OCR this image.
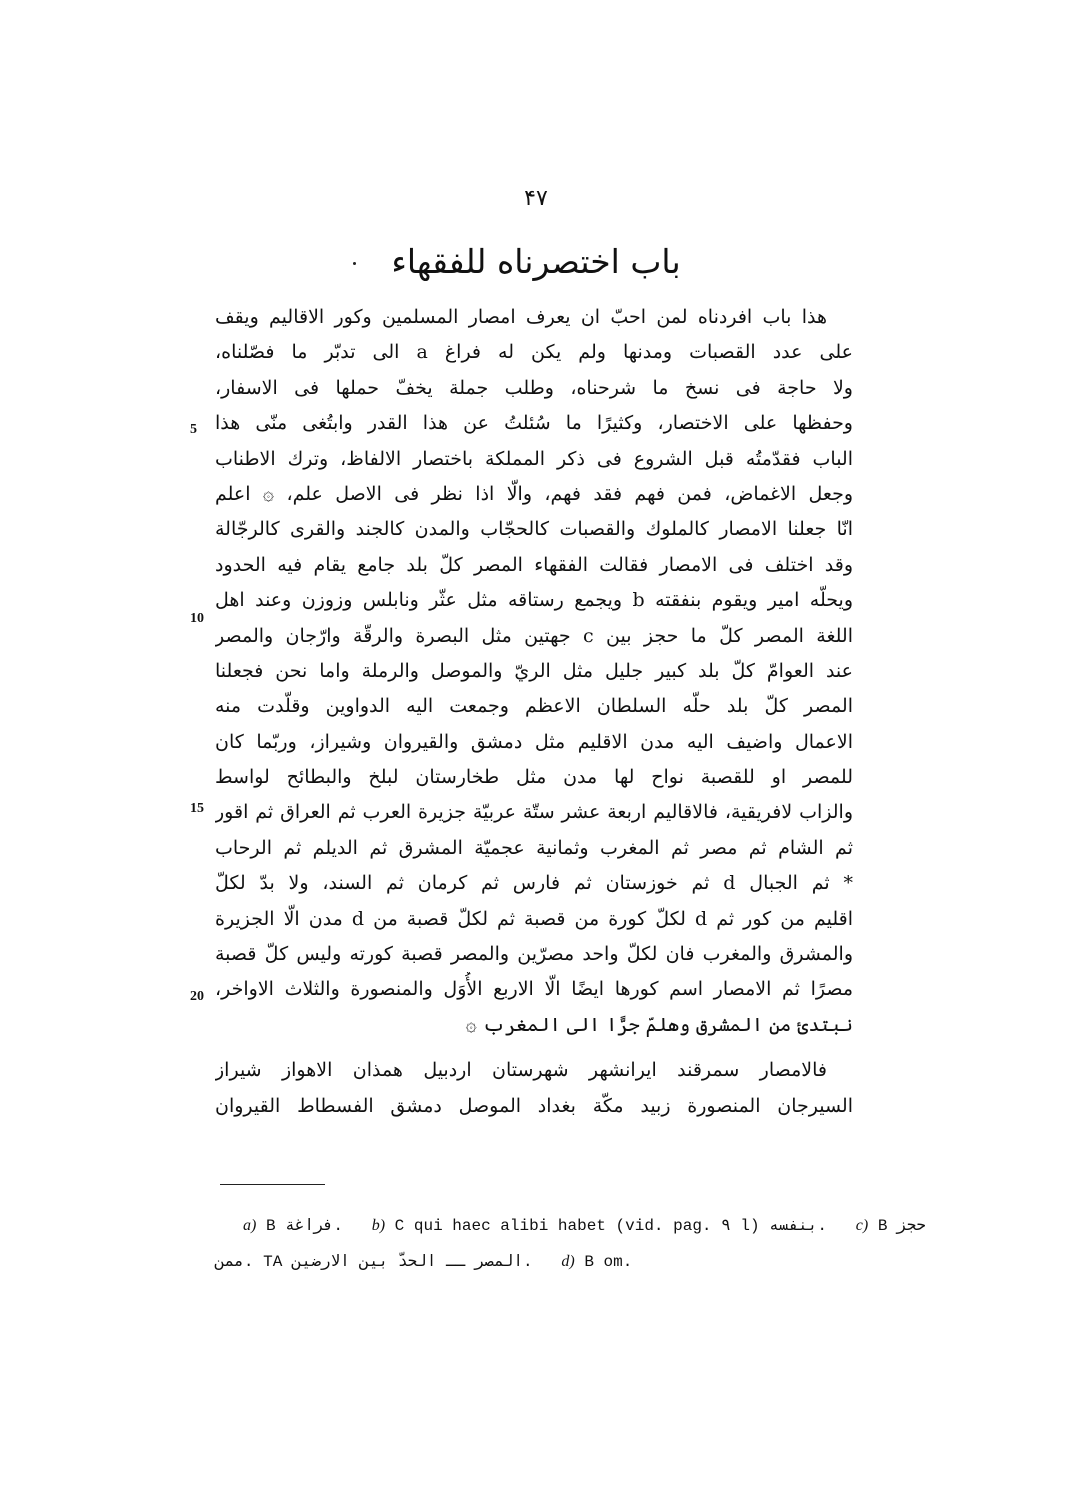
۴۷
باب اختصرناه للفقهاء
هذا باب افردناه لمن احبّ ان يعرف امصار المسلمين وكور الاقاليم ويقف
على عدد القصبات ومدنها ولم يكن له فراغ a الى تدبّر ما فصّلناه،
ولا حاجة فى نسخ ما شرحناه، وطلب جملة يخفّ حملها فى الاسفار،
وحفظها على الاختصار، وكثيرًا ما سُئلتُ عن هذا القدر وابتُغى منّى هذا
الباب فقدّمتُه قبل الشروع فى ذكر المملكة باختصار الالفاظ، وترك الاطناب
وجعل الاغماض، فمن فهم فقد فهم، والّا اذا نظر فى الاصل علم، ۞ اعلم
انّا جعلنا الامصار كالملوك والقصبات كالحجّاب والمدن كالجند والقرى كالرجّالة
وقد اختلف فى الامصار فقالت الفقهاء المصر كلّ بلد جامع يقام فيه الحدود
ويحلّه امير ويقوم بنفقته b ويجمع رستاقه مثل عثّر ونابلس وزوزن وعند اهل
اللغة المصر كلّ ما حجز بين c جهتين مثل البصرة والرقّة وارّجان والمصر
عند العوامّ كلّ بلد كبير جليل مثل الريّ والموصل والرملة واما نحن فجعلنا
المصر كلّ بلد حلّه السلطان الاعظم وجمعت اليه الدواوين وقلّدت منه
الاعمال واضيف اليه مدن الاقليم مثل دمشق والقيروان وشيراز، وربّما كان
للمصر او للقصبة نواح لها مدن مثل طخارستان لبلخ والبطائح لواسط
والزاب لافريقية، فالاقاليم اربعة عشر ستّة عربيّة جزيرة العرب ثم العراق ثم اقور
ثم الشام ثم مصر ثم المغرب وثمانية عجميّة المشرق ثم الديلم ثم الرحاب
* ثم الجبال d ثم خوزستان ثم فارس ثم كرمان ثم السند، ولا بدّ لكلّ
اقليم من كور ثم d لكلّ كورة من قصبة ثم لكلّ قصبة من d مدن الّا الجزيرة
والمشرق والمغرب فان لكلّ واحد مصرّين والمصر قصبة كورته وليس كلّ قصبة
مصرًا ثم الامصار اسم كورها ايضًا الّا الاربع الأُوَل والمنصورة والثلاث الاواخر،
نبتدئ من المشرق وهلمّ جرًّا الى المغرب ۞
فالامصار سمرقند ايرانشهر شهرستان اردبيل همذان الاهواز شيراز
السيرجان المنصورة زبيد مكّة بغداد الموصل دمشق الفسطاط القيروان
5
10
15
20
a) B فراغة. b) C qui haec alibi habet (vid. pag. ۹ l) بنفسه. c) B حجز
ممن. TA المصر ــ الحدّ بين الارضين. d) B om.
